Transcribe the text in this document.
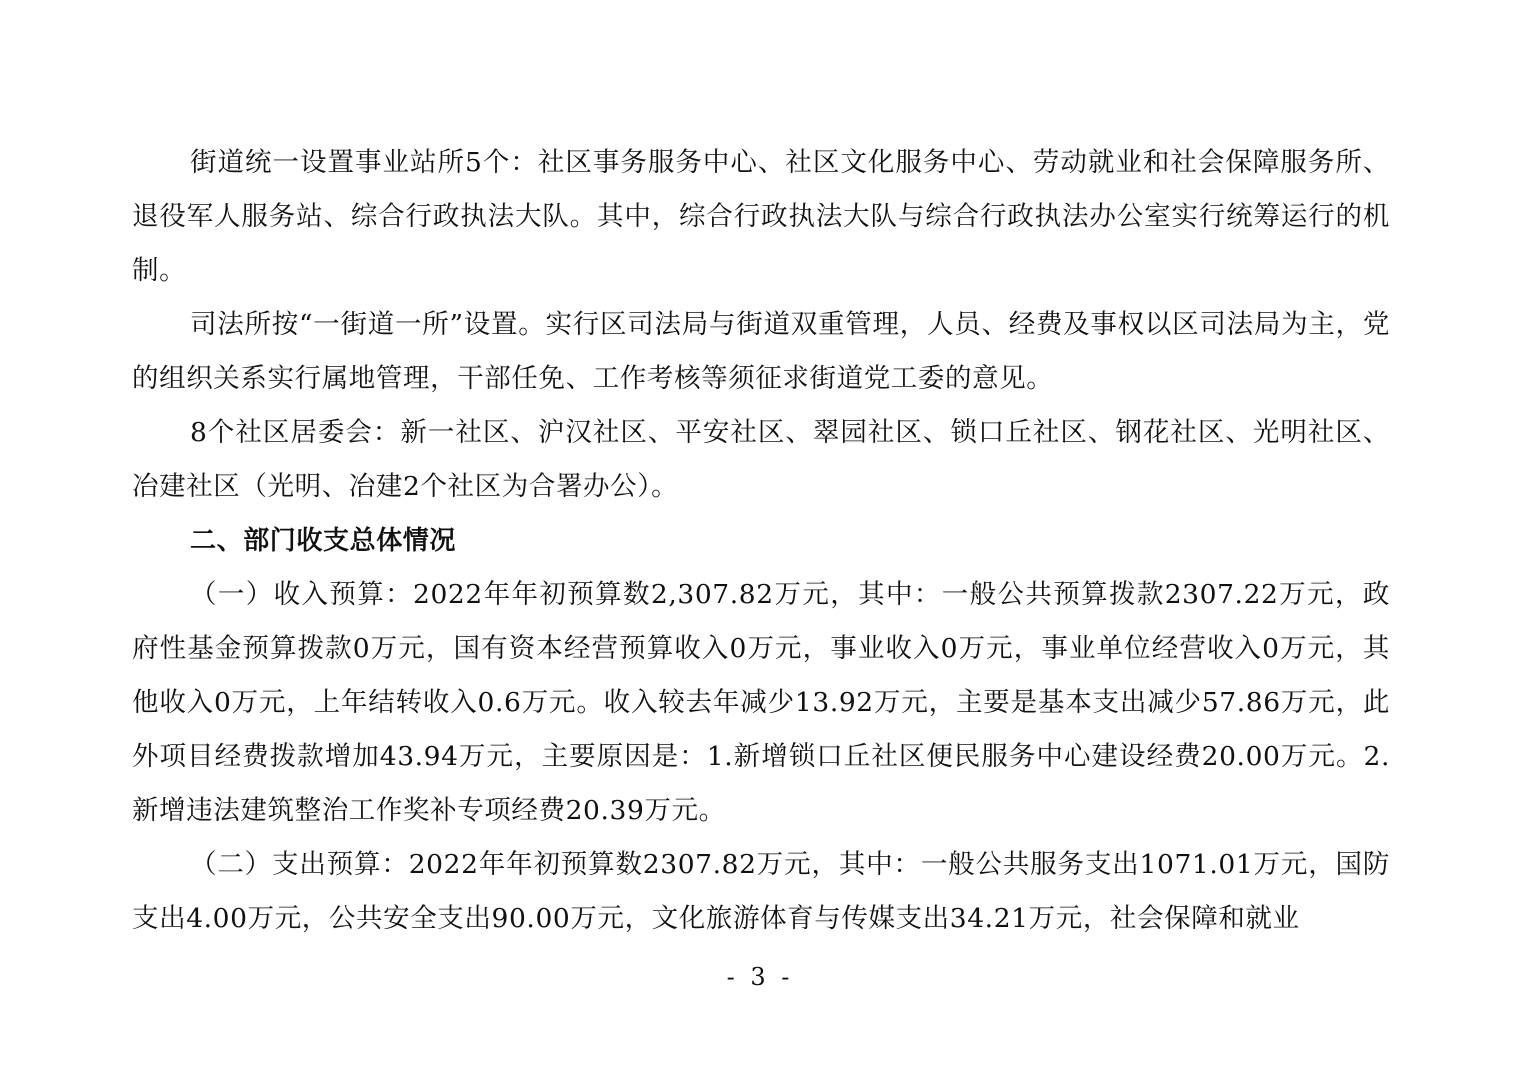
街道统一设置事业站所5个：社区事务服务中心、社区文化服务中心、劳动就业和社会保障服务所、退役军人服务站、综合行政执法大队。其中，综合行政执法大队与综合行政执法办公室实行统筹运行的机制。

司法所按“一街道一所”设置。实行区司法局与街道双重管理，人员、经费及事权以区司法局为主，党的组织关系实行属地管理，干部任免、工作考核等须征求街道党工委的意见。

8个社区居委会：新一社区、沪汉社区、平安社区、翠园社区、锁口丘社区、钢花社区、光明社区、冶建社区（光明、冶建2个社区为合署办公）。

二、部门收支总体情况

（一）收入预算：2022年年初预算数2,307.82万元，其中：一般公共预算拨款2307.22万元，政府性基金预算拨款0万元，国有资本经营预算收入0万元，事业收入0万元，事业单位经营收入0万元，其他收入0万元，上年结转收入0.6万元。收入较去年减少13.92万元，主要是基本支出减少57.86万元，此外项目经费拨款增加43.94万元，主要原因是：1.新增锁口丘社区便民服务中心建设经费20.00万元。2.新增违法建筑整治工作奖补专项经费20.39万元。

（二）支出预算：2022年年初预算数2307.82万元，其中：一般公共服务支出1071.01万元，国防支出4.00万元，公共安全支出90.00万元，文化旅游体育与传媒支出34.21万元，社会保障和就业

- 3 -
